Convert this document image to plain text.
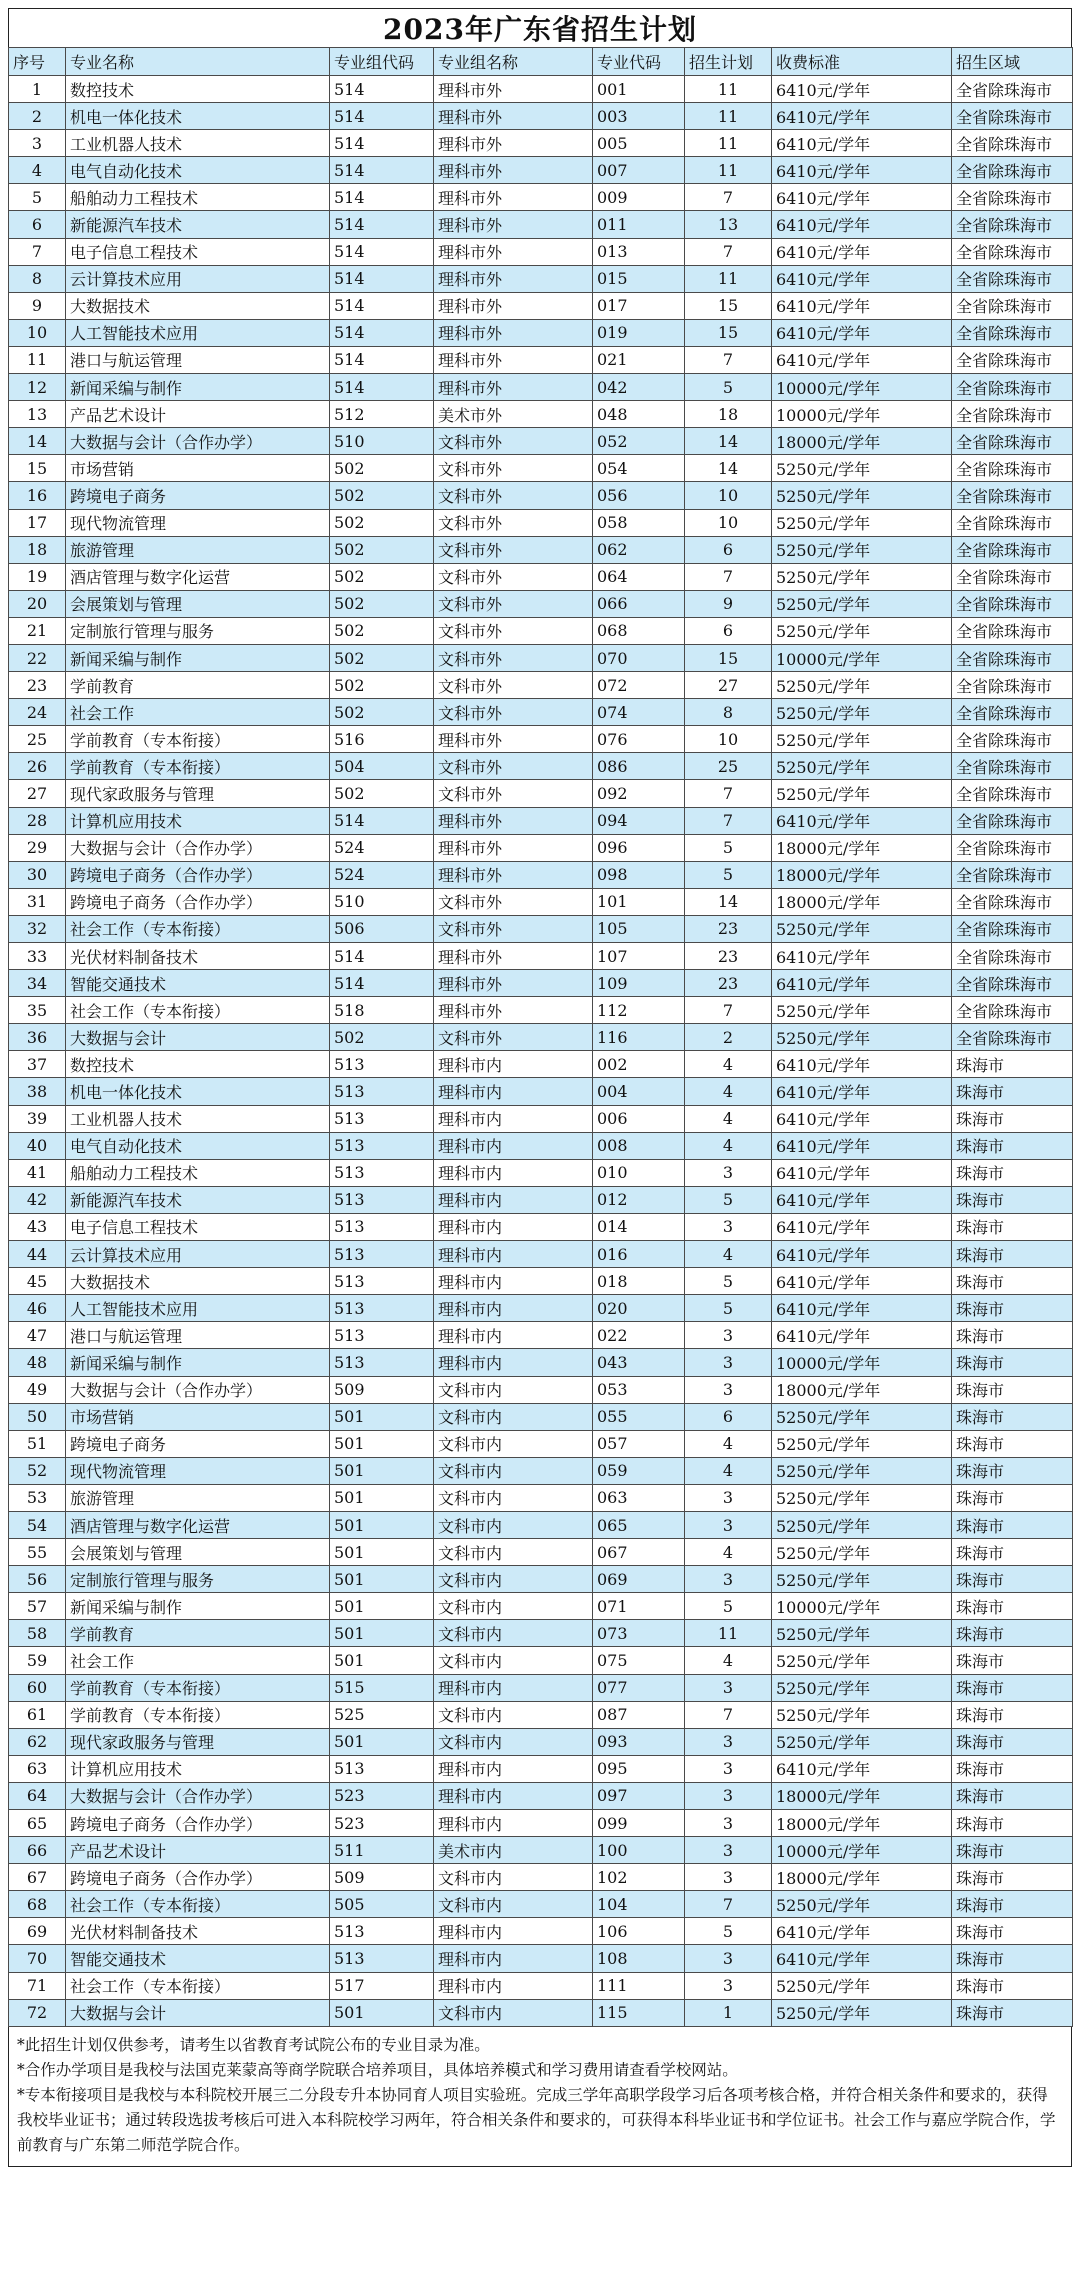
2023年广东省招生计划
序号	专业名称	专业组代码	专业组名称	专业代码	招生计划	收费标准	招生区域
1	数控技术	514	理科市外	001	11	6410元/学年	全省除珠海市
2	机电一体化技术	514	理科市外	003	11	6410元/学年	全省除珠海市
3	工业机器人技术	514	理科市外	005	11	6410元/学年	全省除珠海市
4	电气自动化技术	514	理科市外	007	11	6410元/学年	全省除珠海市
5	船舶动力工程技术	514	理科市外	009	7	6410元/学年	全省除珠海市
6	新能源汽车技术	514	理科市外	011	13	6410元/学年	全省除珠海市
7	电子信息工程技术	514	理科市外	013	7	6410元/学年	全省除珠海市
8	云计算技术应用	514	理科市外	015	11	6410元/学年	全省除珠海市
9	大数据技术	514	理科市外	017	15	6410元/学年	全省除珠海市
10	人工智能技术应用	514	理科市外	019	15	6410元/学年	全省除珠海市
11	港口与航运管理	514	理科市外	021	7	6410元/学年	全省除珠海市
12	新闻采编与制作	514	理科市外	042	5	10000元/学年	全省除珠海市
13	产品艺术设计	512	美术市外	048	18	10000元/学年	全省除珠海市
14	大数据与会计（合作办学）	510	文科市外	052	14	18000元/学年	全省除珠海市
15	市场营销	502	文科市外	054	14	5250元/学年	全省除珠海市
16	跨境电子商务	502	文科市外	056	10	5250元/学年	全省除珠海市
17	现代物流管理	502	文科市外	058	10	5250元/学年	全省除珠海市
18	旅游管理	502	文科市外	062	6	5250元/学年	全省除珠海市
19	酒店管理与数字化运营	502	文科市外	064	7	5250元/学年	全省除珠海市
20	会展策划与管理	502	文科市外	066	9	5250元/学年	全省除珠海市
21	定制旅行管理与服务	502	文科市外	068	6	5250元/学年	全省除珠海市
22	新闻采编与制作	502	文科市外	070	15	10000元/学年	全省除珠海市
23	学前教育	502	文科市外	072	27	5250元/学年	全省除珠海市
24	社会工作	502	文科市外	074	8	5250元/学年	全省除珠海市
25	学前教育（专本衔接）	516	理科市外	076	10	5250元/学年	全省除珠海市
26	学前教育（专本衔接）	504	文科市外	086	25	5250元/学年	全省除珠海市
27	现代家政服务与管理	502	文科市外	092	7	5250元/学年	全省除珠海市
28	计算机应用技术	514	理科市外	094	7	6410元/学年	全省除珠海市
29	大数据与会计（合作办学）	524	理科市外	096	5	18000元/学年	全省除珠海市
30	跨境电子商务（合作办学）	524	理科市外	098	5	18000元/学年	全省除珠海市
31	跨境电子商务（合作办学）	510	文科市外	101	14	18000元/学年	全省除珠海市
32	社会工作（专本衔接）	506	文科市外	105	23	5250元/学年	全省除珠海市
33	光伏材料制备技术	514	理科市外	107	23	6410元/学年	全省除珠海市
34	智能交通技术	514	理科市外	109	23	6410元/学年	全省除珠海市
35	社会工作（专本衔接）	518	理科市外	112	7	5250元/学年	全省除珠海市
36	大数据与会计	502	文科市外	116	2	5250元/学年	全省除珠海市
37	数控技术	513	理科市内	002	4	6410元/学年	珠海市
38	机电一体化技术	513	理科市内	004	4	6410元/学年	珠海市
39	工业机器人技术	513	理科市内	006	4	6410元/学年	珠海市
40	电气自动化技术	513	理科市内	008	4	6410元/学年	珠海市
41	船舶动力工程技术	513	理科市内	010	3	6410元/学年	珠海市
42	新能源汽车技术	513	理科市内	012	5	6410元/学年	珠海市
43	电子信息工程技术	513	理科市内	014	3	6410元/学年	珠海市
44	云计算技术应用	513	理科市内	016	4	6410元/学年	珠海市
45	大数据技术	513	理科市内	018	5	6410元/学年	珠海市
46	人工智能技术应用	513	理科市内	020	5	6410元/学年	珠海市
47	港口与航运管理	513	理科市内	022	3	6410元/学年	珠海市
48	新闻采编与制作	513	理科市内	043	3	10000元/学年	珠海市
49	大数据与会计（合作办学）	509	文科市内	053	3	18000元/学年	珠海市
50	市场营销	501	文科市内	055	6	5250元/学年	珠海市
51	跨境电子商务	501	文科市内	057	4	5250元/学年	珠海市
52	现代物流管理	501	文科市内	059	4	5250元/学年	珠海市
53	旅游管理	501	文科市内	063	3	5250元/学年	珠海市
54	酒店管理与数字化运营	501	文科市内	065	3	5250元/学年	珠海市
55	会展策划与管理	501	文科市内	067	4	5250元/学年	珠海市
56	定制旅行管理与服务	501	文科市内	069	3	5250元/学年	珠海市
57	新闻采编与制作	501	文科市内	071	5	10000元/学年	珠海市
58	学前教育	501	文科市内	073	11	5250元/学年	珠海市
59	社会工作	501	文科市内	075	4	5250元/学年	珠海市
60	学前教育（专本衔接）	515	理科市内	077	3	5250元/学年	珠海市
61	学前教育（专本衔接）	525	文科市内	087	7	5250元/学年	珠海市
62	现代家政服务与管理	501	文科市内	093	3	5250元/学年	珠海市
63	计算机应用技术	513	理科市内	095	3	6410元/学年	珠海市
64	大数据与会计（合作办学）	523	理科市内	097	3	18000元/学年	珠海市
65	跨境电子商务（合作办学）	523	理科市内	099	3	18000元/学年	珠海市
66	产品艺术设计	511	美术市内	100	3	10000元/学年	珠海市
67	跨境电子商务（合作办学）	509	文科市内	102	3	18000元/学年	珠海市
68	社会工作（专本衔接）	505	文科市内	104	7	5250元/学年	珠海市
69	光伏材料制备技术	513	理科市内	106	5	6410元/学年	珠海市
70	智能交通技术	513	理科市内	108	3	6410元/学年	珠海市
71	社会工作（专本衔接）	517	理科市内	111	3	5250元/学年	珠海市
72	大数据与会计	501	文科市内	115	1	5250元/学年	珠海市

*此招生计划仅供参考，请考生以省教育考试院公布的专业目录为准。

*合作办学项目是我校与法国克莱蒙高等商学院联合培养项目，具体培养模式和学习费用请查看学校网站。

*专本衔接项目是我校与本科院校开展三二分段专升本协同育人项目实验班。完成三学年高职学段学习后各项考核合格，并符合相关条件和要求的，获得我校毕业证书；通过转段选拔考核后可进入本科院校学习两年，符合相关条件和要求的，可获得本科毕业证书和学位证书。社会工作与嘉应学院合作，学前教育与广东第二师范学院合作。
